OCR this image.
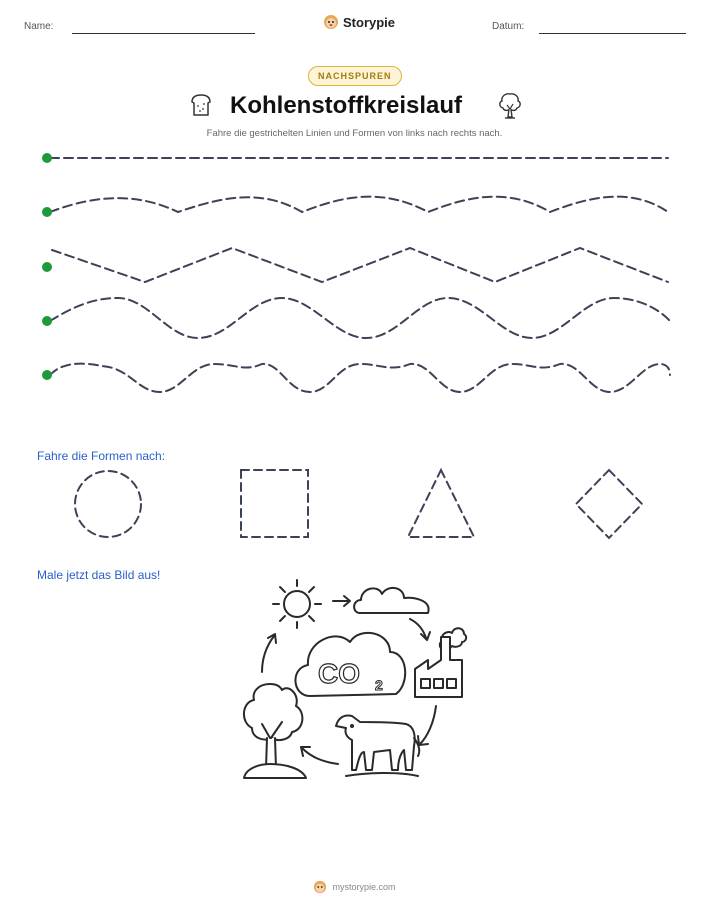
Name:	Storypie	Datum:
NACHSPUREN
Kohlenstoffkreislauf
Fahre die gestrichelten Linien und Formen von links nach rechts nach.
Fahre die Formen nach:
Male jetzt das Bild aus!
CO 2
mystorypie.com
